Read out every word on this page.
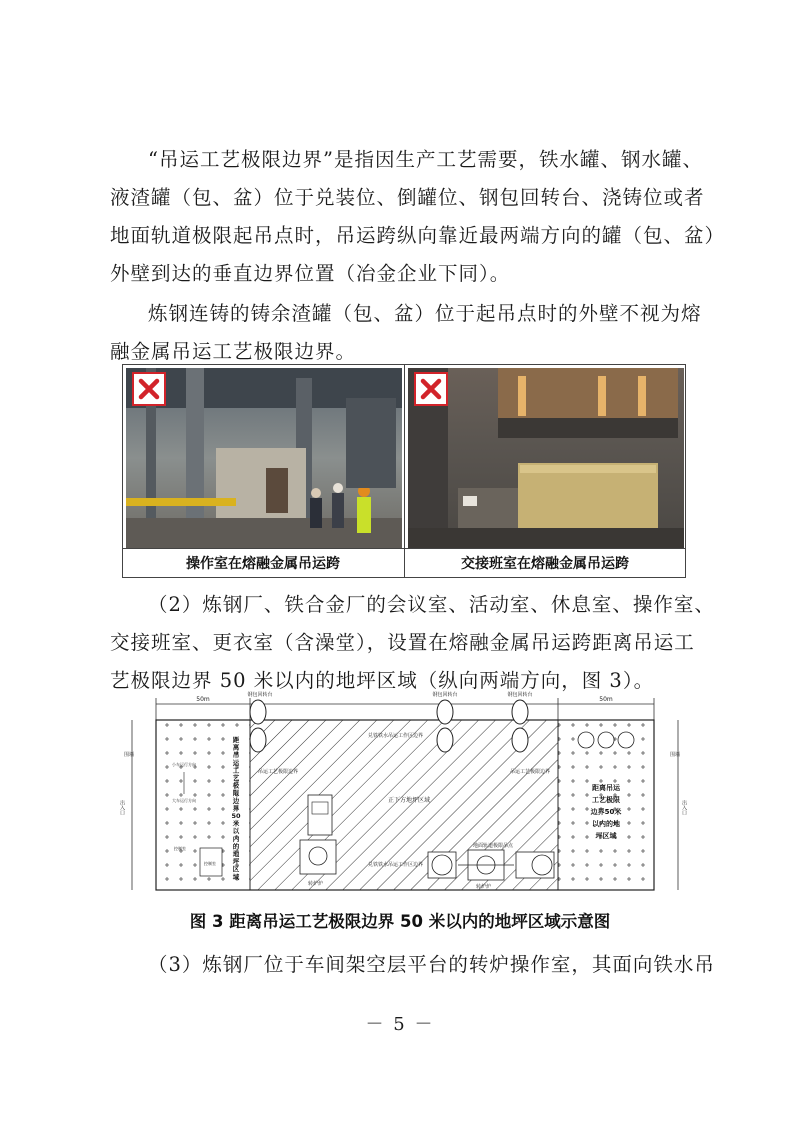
“吊运工艺极限边界”是指因生产工艺需要，铁水罐、钢水罐、
液渣罐（包、盆）位于兑装位、倒罐位、钢包回转台、浇铸位或者
地面轨道极限起吊点时，吊运跨纵向靠近最两端方向的罐（包、盆）
外壁到达的垂直边界位置（冶金企业下同）。

炼钢连铸的铸余渣罐（包、盆）位于起吊点时的外壁不视为熔
融金属吊运工艺极限边界。

操作室在熔融金属吊运跨	交接班室在熔融金属吊运跨

（2）炼钢厂、铁合金厂的会议室、活动室、休息室、操作室、
交接班室、更衣室（含澡堂），设置在熔融金属吊运跨距离吊运工
艺极限边界 50 米以内的地坪区域（纵向两端方向，图 3）。

50m	50m
围墙	围墙
出入口	出入口
钢包回转台	钢包回转台	钢包回转台
兑铁铁水吊运工作区边界
兑铁铁水吊运工作区边界
吊运工艺极限边界	吊运工艺极限边界
正下方地坪区域
转炉炉	转炉炉
地面轨道极限吊点
小车运行方向
大车运行方向
控制室
控制室
距
离
吊
运
工
艺
极
限
边
界
50
米
以
内
的
地
坪
区
域
距离吊运
工艺极限
边界50米
以内的地
坪区域
图 3 距离吊运工艺极限边界 50 米以内的地坪区域示意图

（3）炼钢厂位于车间架空层平台的转炉操作室，其面向铁水吊

－ 5 －
